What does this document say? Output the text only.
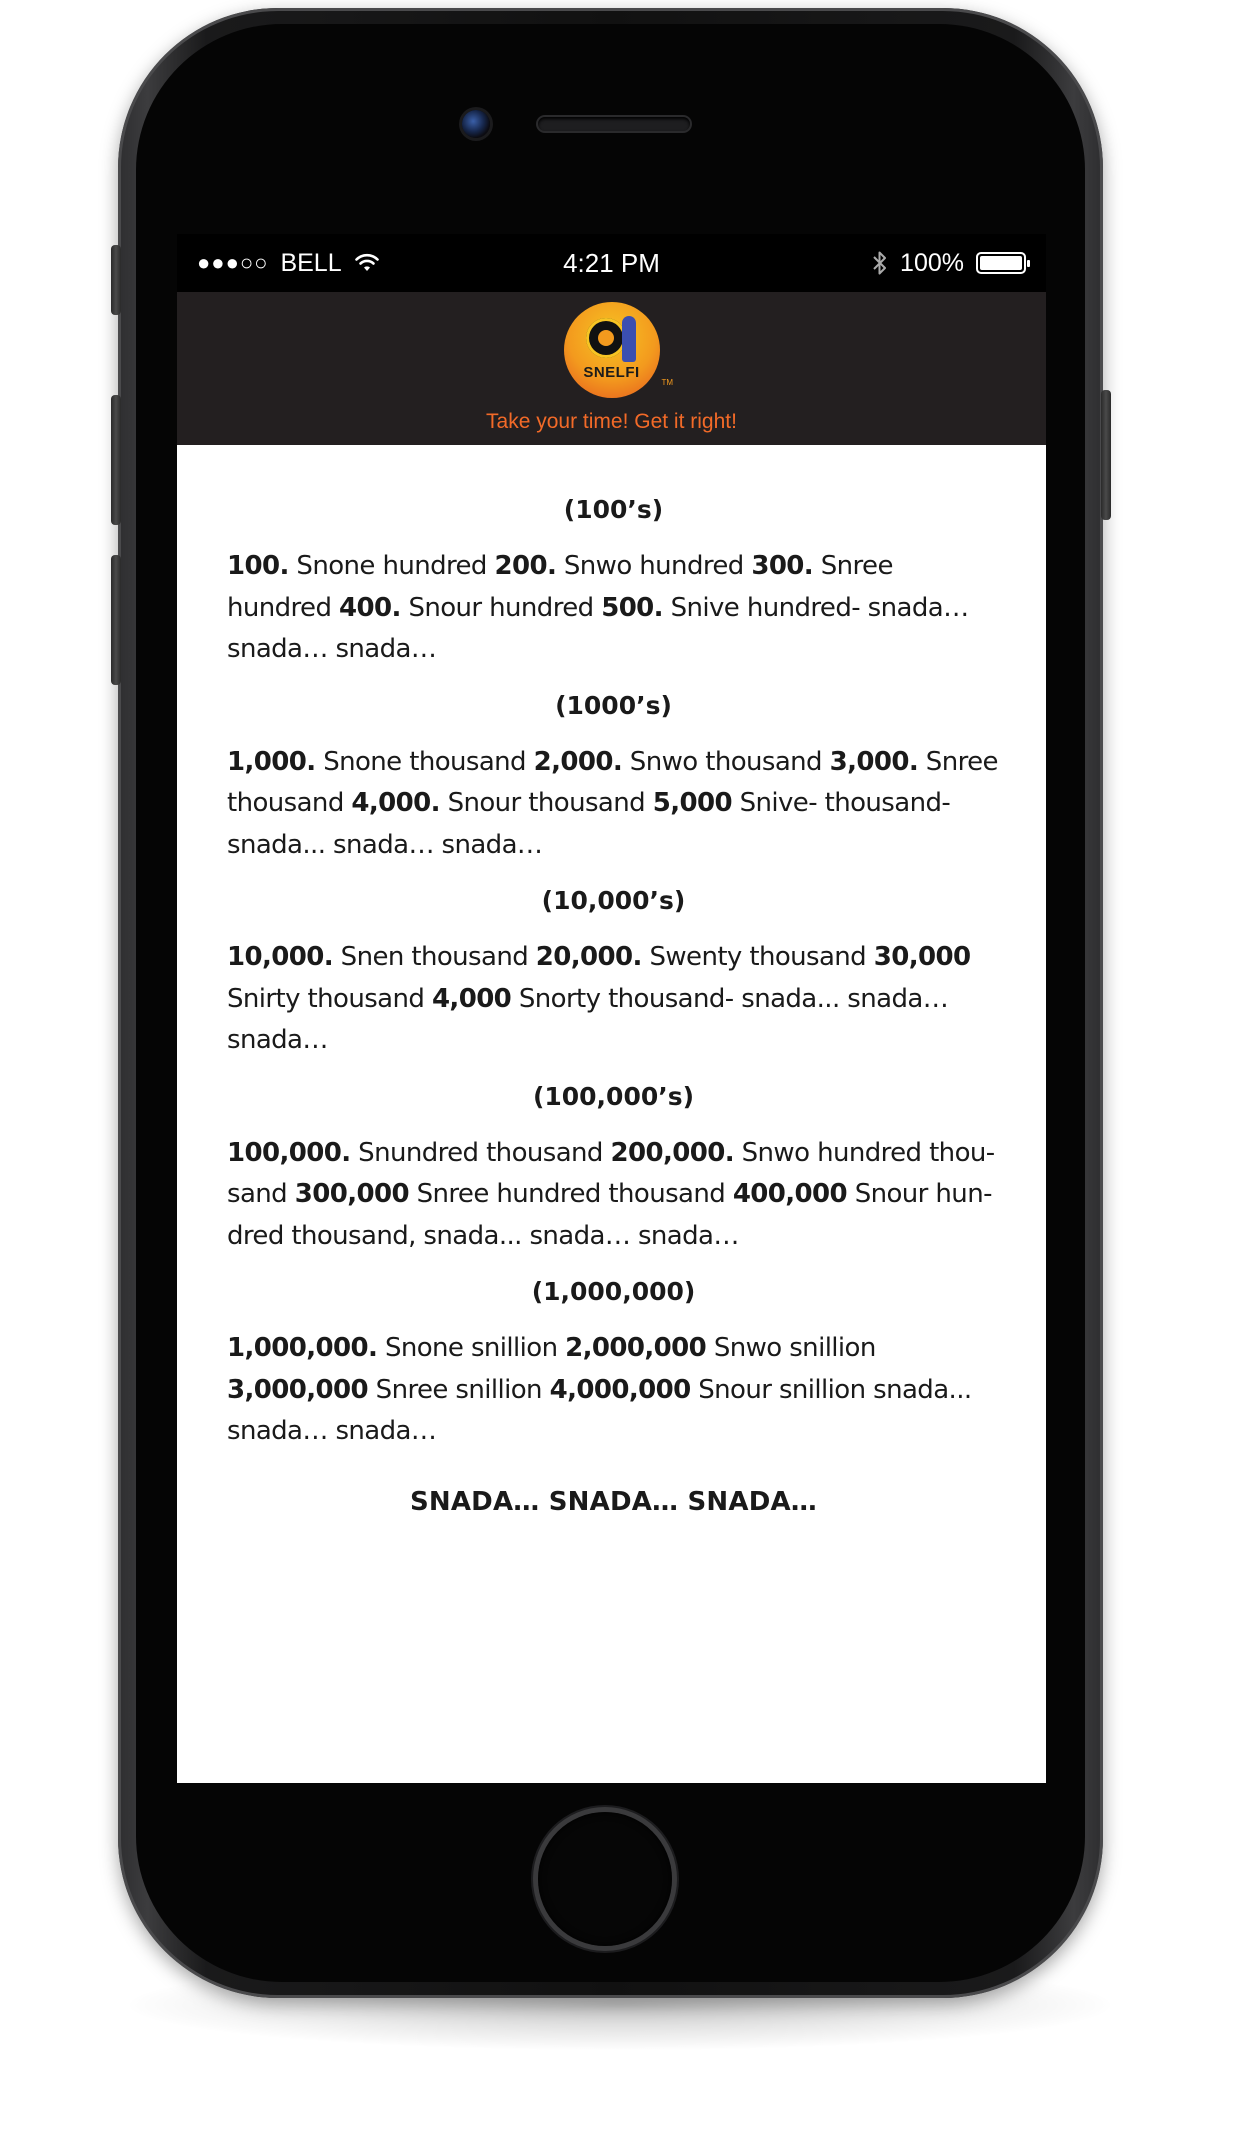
●●●○○ BELL	4:21 PM	100%
SNELFI
TM
Take your time! Get it right!
(100’s)
100. Snone hundred 200. Snwo hundred 300. Snree hundred 400. Snour hundred 500. Snive hundred- snada… snada… snada…
(1000’s)
1,000. Snone thousand 2,000. Snwo thousand 3,000. Snree thousand 4,000. Snour thousand 5,000 Snive- thousand- snada... snada… snada…
(10,000’s)
10,000. Snen thousand 20,000. Swenty thousand 30,000 Snirty thousand 4,000 Snorty thousand- snada... snada… snada…
(100,000’s)
100,000. Snundred thousand 200,000. Snwo hundred thousand 300,000 Snree hundred thousand 400,000 Snour hundred thousand, snada... snada… snada…
(1,000,000)
1,000,000. Snone snillion 2,000,000 Snwo snillion 3,000,000 Snree snillion 4,000,000 Snour snillion snada... snada… snada…
SNADA… SNADA… SNADA…
